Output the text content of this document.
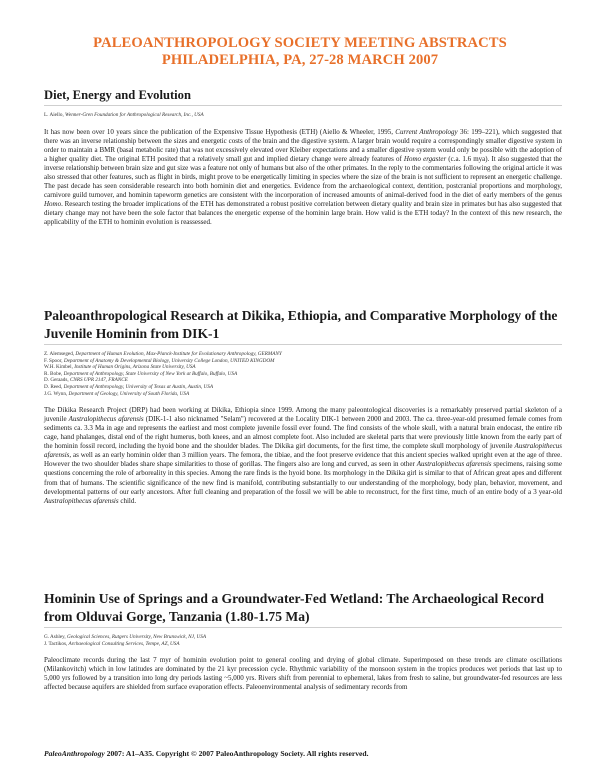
PALEOANTHROPOLOGY SOCIETY MEETING ABSTRACTS
PHILADELPHIA, PA, 27-28 MARCH 2007
Diet, Energy and Evolution
L. Aiello, Wenner-Gren Foundation for Anthropological Research, Inc., USA

It has now been over 10 years since the publication of the Expensive Tissue Hypothesis (ETH) (Aiello & Wheeler, 1995, Current Anthropology 36: 199–221), which suggested that there was an inverse relationship between the sizes and energetic costs of the brain and the digestive system. A larger brain would require a correspondingly smaller digestive system in order to maintain a BMR (basal metabolic rate) that was not excessively elevated over Kleiber expectations and a smaller digestive system would only be possible with the adoption of a higher quality diet. The original ETH posited that a relatively small gut and implied dietary change were already features of Homo ergaster (c.a. 1.6 mya). It also suggested that the inverse relationship between brain size and gut size was a feature not only of humans but also of the other primates. In the reply to the commentaries following the original article it was also stressed that other features, such as flight in birds, might prove to be energetically limiting in species where the size of the brain is not sufficient to represent an energetic challenge. The past decade has seen considerable research into both hominin diet and energetics. Evidence from the archaeological context, dentition, postcranial proportions and morphology, carnivore guild turnover, and hominin tapeworm genetics are consistent with the incorporation of increased amounts of animal-derived food in the diet of early members of the genus Homo. Research testing the broader implications of the ETH has demonstrated a robust positive correlation between dietary quality and brain size in primates but has also suggested that dietary change may not have been the sole factor that balances the energetic expense of the hominin large brain. How valid is the ETH today? In the context of this new research, the applicability of the ETH to hominin evolution is reassessed.

Paleoanthropological Research at Dikika, Ethiopia, and Comparative Morphology of the Juvenile Hominin from DIK-1
Z. Alemseged, Department of Human Evolution, Max-Planck-Institute for Evolutionary Anthropology, GERMANY
F. Spoor, Department of Anatomy & Developmental Biology, University College London, UNITED KINGDOM
W.H. Kimbel, Institute of Human Origins, Arizona State University, USA
R. Bobe, Department of Anthropology, State University of New York at Buffalo, Buffalo, USA
D. Geraads, CNRS UPR 2147, FRANCE
D. Reed, Department of Anthropology, University of Texas at Austin, Austin, USA
J.G. Wynn, Department of Geology, University of South Florida, USA

The Dikika Research Project (DRP) had been working at Dikika, Ethiopia since 1999. Among the many paleontological discoveries is a remarkably preserved partial skeleton of a juvenile Australopithecus afarensis (DIK-1-1 also nicknamed "Selam") recovered at the Locality DIK-1 between 2000 and 2003. The ca. three-year-old presumed female comes from sediments ca. 3.3 Ma in age and represents the earliest and most complete juvenile fossil ever found. The find consists of the whole skull, with a natural brain endocast, the entire rib cage, hand phalanges, distal end of the right humerus, both knees, and an almost complete foot. Also included are skeletal parts that were previously little known from the early part of the hominin fossil record, including the hyoid bone and the shoulder blades. The Dikika girl documents, for the first time, the complete skull morphology of juvenile Australopithecus afarensis, as well as an early hominin older than 3 million years. The femora, the tibiae, and the foot preserve evidence that this ancient species walked upright even at the age of three. However the two shoulder blades share shape similarities to those of gorillas. The fingers also are long and curved, as seen in other Australopithecus afarensis specimens, raising some questions concerning the role of arboreality in this species. Among the rare finds is the hyoid bone. Its morphology in the Dikika girl is similar to that of African great apes and different from that of humans. The scientific significance of the new find is manifold, contributing substantially to our understanding of the morphology, body plan, behavior, movement, and developmental patterns of our early ancestors. After full cleaning and preparation of the fossil we will be able to reconstruct, for the first time, much of an entire body of a 3 year-old Australopithecus afarensis child.

Hominin Use of Springs and a Groundwater-Fed Wetland: The Archaeological Record from Olduvai Gorge, Tanzania (1.80-1.75 Ma)
G. Ashley, Geological Sciences, Rutgers University, New Brunswick, NJ, USA
J. Tactikos, Archaeological Consulting Services, Tempe, AZ, USA

Paleoclimate records during the last 7 myr of hominin evolution point to general cooling and drying of global climate. Superimposed on these trends are climate oscillations (Milankovitch) which in low latitudes are dominated by the 21 kyr precession cycle. Rhythmic variability of the monsoon system in the tropics produces wet periods that last up to 5,000 yrs followed by a transition into long dry periods lasting ~5,000 yrs. Rivers shift from perennial to ephemeral, lakes from fresh to saline, but groundwater-fed resources are less affected because aquifers are shielded from surface evaporation effects. Paleoenvironmental analysis of sedimentary records from

PaleoAnthropology 2007: A1–A35. Copyright © 2007 PaleoAnthropology Society. All rights reserved.
